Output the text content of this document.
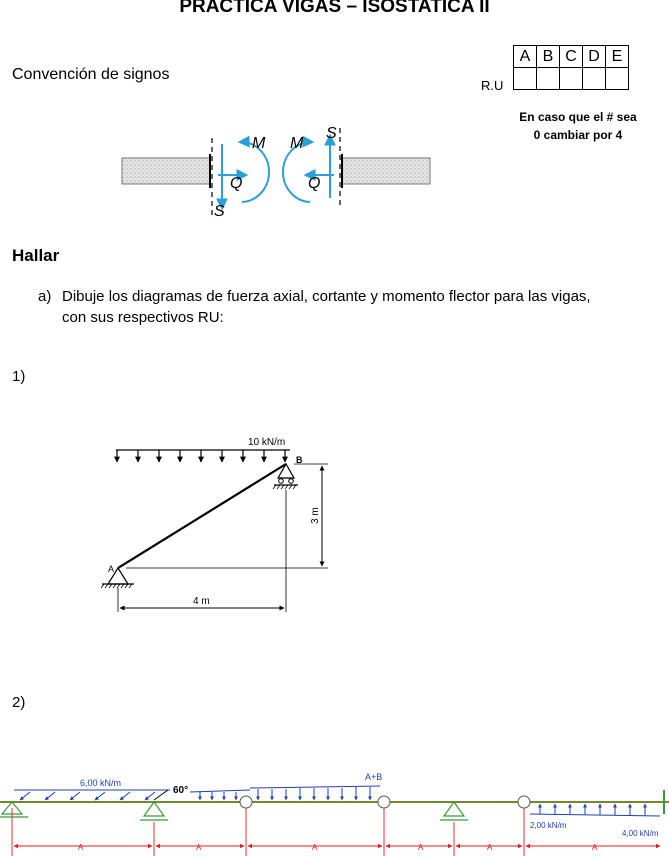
PRACTICA VIGAS – ISOSTATICA II
Convención de signos
R.U
A	B	C	D	E

En caso que el # sea
0 cambiar por 4
M
Q
S
M
Q
S
Hallar
a) Dibuje los diagramas de fuerza axial, cortante y momento flector para las vigas,
con sus respectivos RU:
1)
10 kN/m
B
A
3 m
4 m
2)
6,00 kN/m
60°
A+B
2,00 kN/m
4,00 kN/m
A	A	A	A	A	A
